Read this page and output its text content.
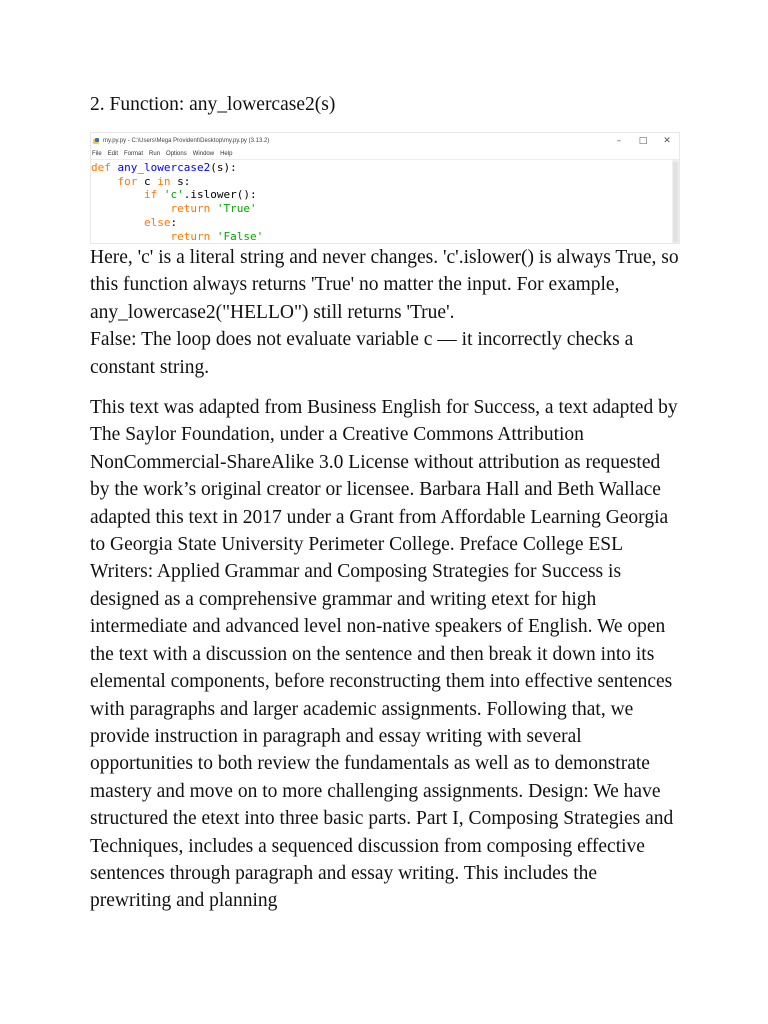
2. Function: any_lowercase2(s)

my.py.py - C:\Users\Mega Provident\Desktop\my.py.py (3.13.2)	–	□	✕
File Edit Format Run Options Window Help
def any_lowercase2(s):
for c in s:
if 'c'.islower():
return 'True'
else:
return 'False'

Here, 'c' is a literal string and never changes. 'c'.islower() is always True, so this function always returns 'True' no matter the input. For example, any_lowercase2("HELLO") still returns 'True'.

False: The loop does not evaluate variable c — it incorrectly checks a constant string.

This text was adapted from Business English for Success, a text adapted by The Saylor Foundation, under a Creative Commons Attribution NonCommercial-ShareAlike 3.0 License without attribution as requested by the work’s original creator or licensee. Barbara Hall and Beth Wallace adapted this text in 2017 under a Grant from Affordable Learning Georgia to Georgia State University Perimeter College. Preface College ESL Writers: Applied Grammar and Composing Strategies for Success is designed as a comprehensive grammar and writing etext for high intermediate and advanced level non-native speakers of English. We open the text with a discussion on the sentence and then break it down into its elemental components, before reconstructing them into effective sentences with paragraphs and larger academic assignments. Following that, we provide instruction in paragraph and essay writing with several opportunities to both review the fundamentals as well as to demonstrate mastery and move on to more challenging assignments. Design: We have structured the etext into three basic parts. Part I, Composing Strategies and Techniques, includes a sequenced discussion from composing effective sentences through paragraph and essay writing. This includes the prewriting and planning
